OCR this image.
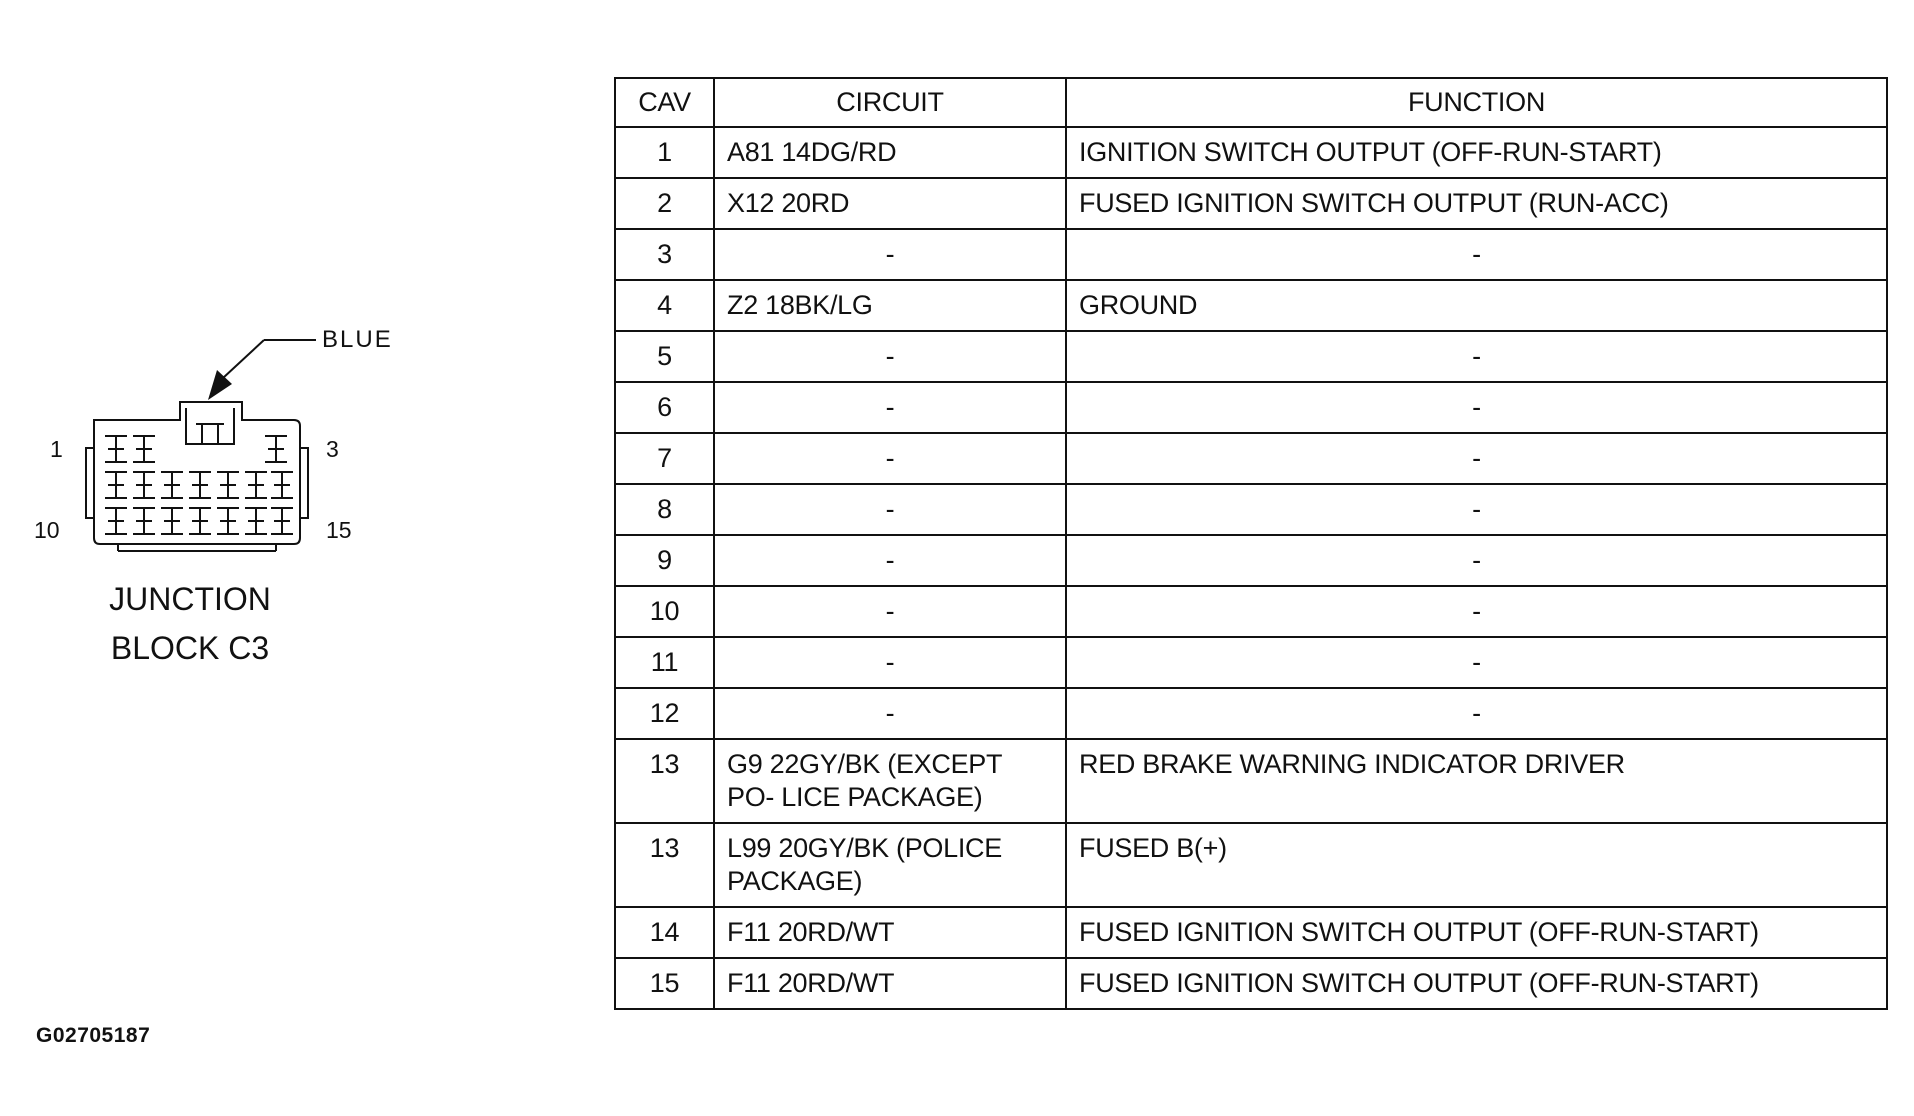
BLUE
1	3
10	15
JUNCTION
BLOCK C3
CAV	CIRCUIT	FUNCTION
1	A81 14DG/RD	IGNITION SWITCH OUTPUT (OFF-RUN-START)
2	X12 20RD	FUSED IGNITION SWITCH OUTPUT (RUN-ACC)
3	-	-
4	Z2 18BK/LG	GROUND
5	-	-
6	-	-
7	-	-
8	-	-
9	-	-
10	-	-
11	-	-
12	-	-
13	G9 22GY/BK (EXCEPT PO- LICE PACKAGE)	RED BRAKE WARNING INDICATOR DRIVER
13	L99 20GY/BK (POLICE PACKAGE)	FUSED B(+)
14	F11 20RD/WT	FUSED IGNITION SWITCH OUTPUT (OFF-RUN-START)
15	F11 20RD/WT	FUSED IGNITION SWITCH OUTPUT (OFF-RUN-START)
G02705187
